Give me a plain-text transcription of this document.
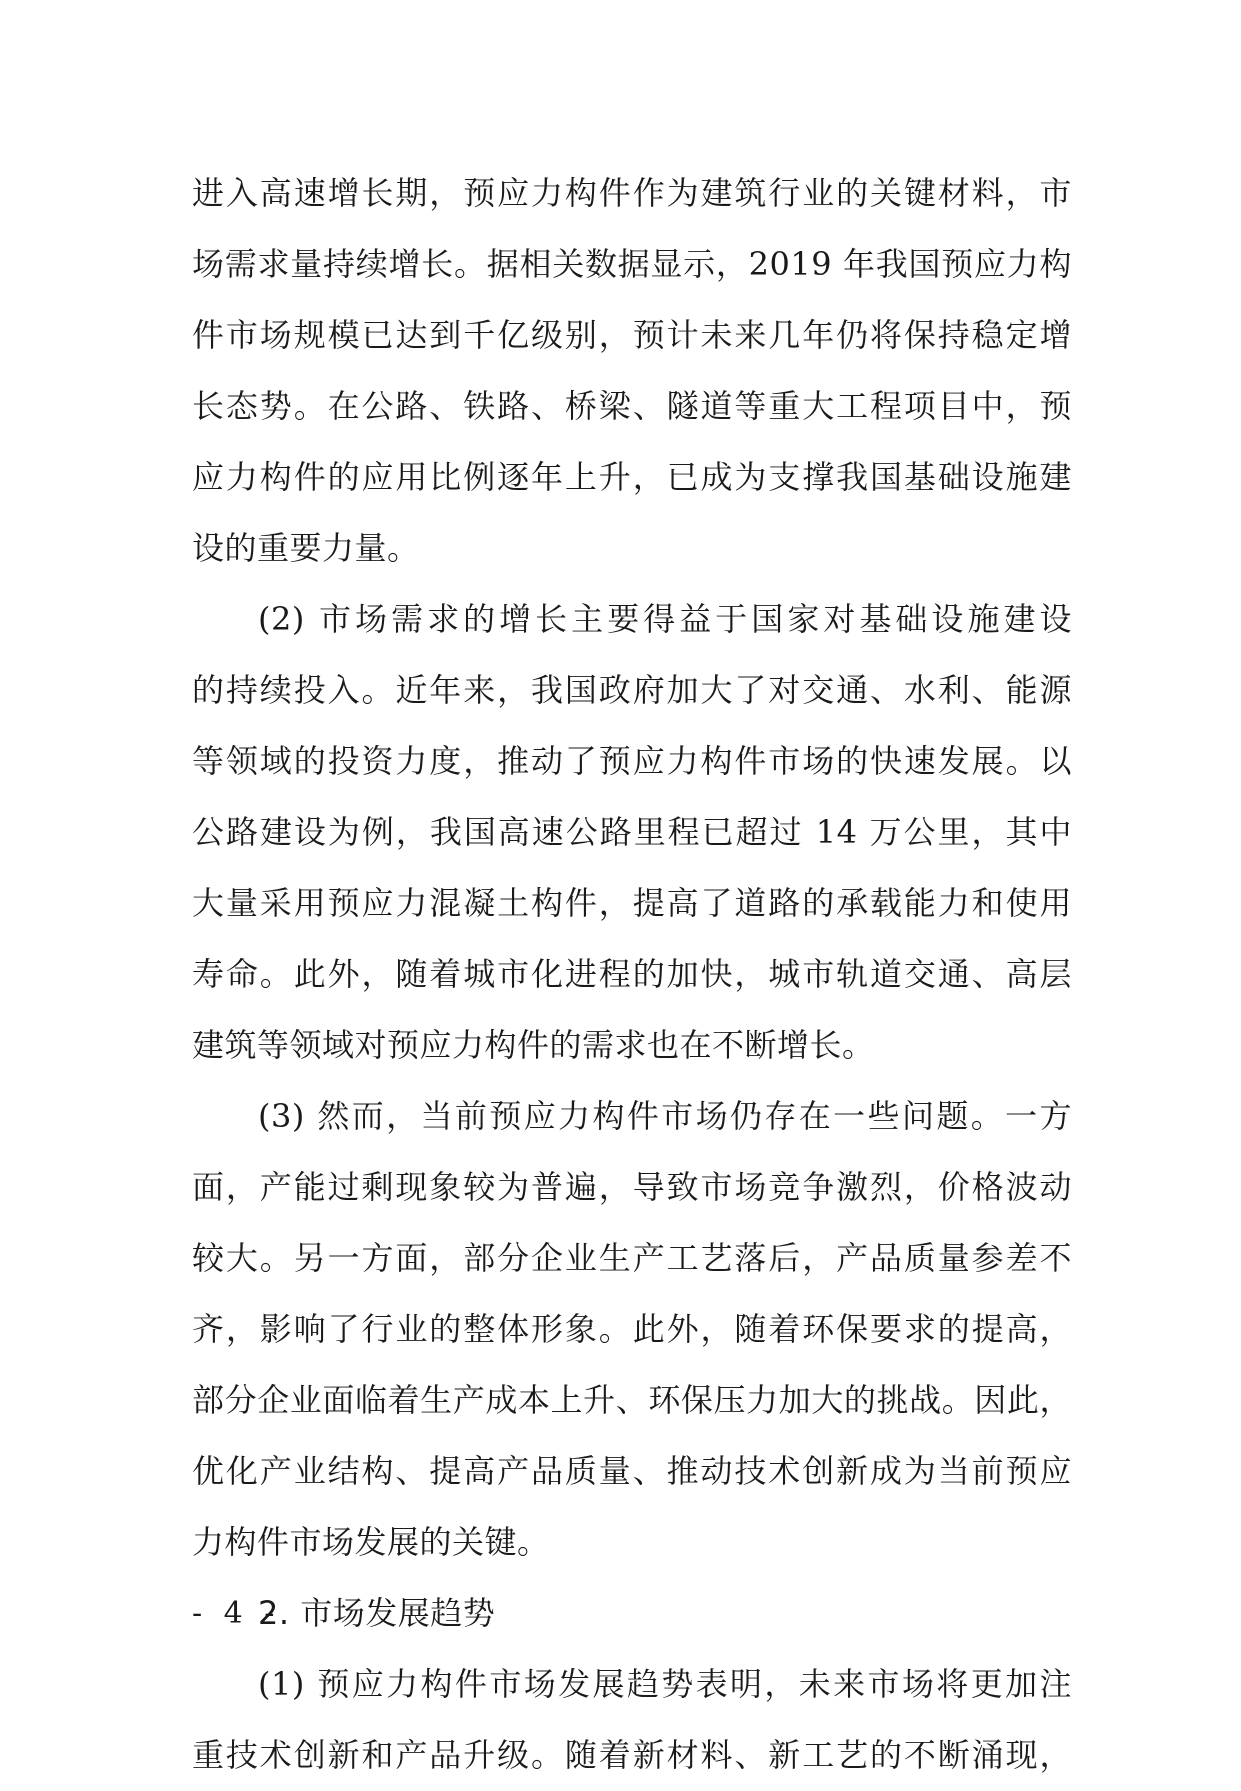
进入高速增长期，预应力构件作为建筑行业的关键材料，市
场需求量持续增长。据相关数据显示，2019 年我国预应力构
件市场规模已达到千亿级别，预计未来几年仍将保持稳定增
长态势。在公路、铁路、桥梁、隧道等重大工程项目中，预
应力构件的应用比例逐年上升，已成为支撑我国基础设施建
设的重要力量。
(2) 市场需求的增长主要得益于国家对基础设施建设
的持续投入。近年来，我国政府加大了对交通、水利、能源
等领域的投资力度，推动了预应力构件市场的快速发展。以
公路建设为例，我国高速公路里程已超过 14 万公里，其中
大量采用预应力混凝土构件，提高了道路的承载能力和使用
寿命。此外，随着城市化进程的加快，城市轨道交通、高层
建筑等领域对预应力构件的需求也在不断增长。
(3) 然而，当前预应力构件市场仍存在一些问题。一方
面，产能过剩现象较为普遍，导致市场竞争激烈，价格波动
较大。另一方面，部分企业生产工艺落后，产品质量参差不
齐，影响了行业的整体形象。此外，随着环保要求的提高，
部分企业面临着生产成本上升、环保压力加大的挑战。因此，
优化产业结构、提高产品质量、推动技术创新成为当前预应
力构件市场发展的关键。
2. 市场发展趋势
(1) 预应力构件市场发展趋势表明，未来市场将更加注
重技术创新和产品升级。随着新材料、新工艺的不断涌现，
- 4 -
